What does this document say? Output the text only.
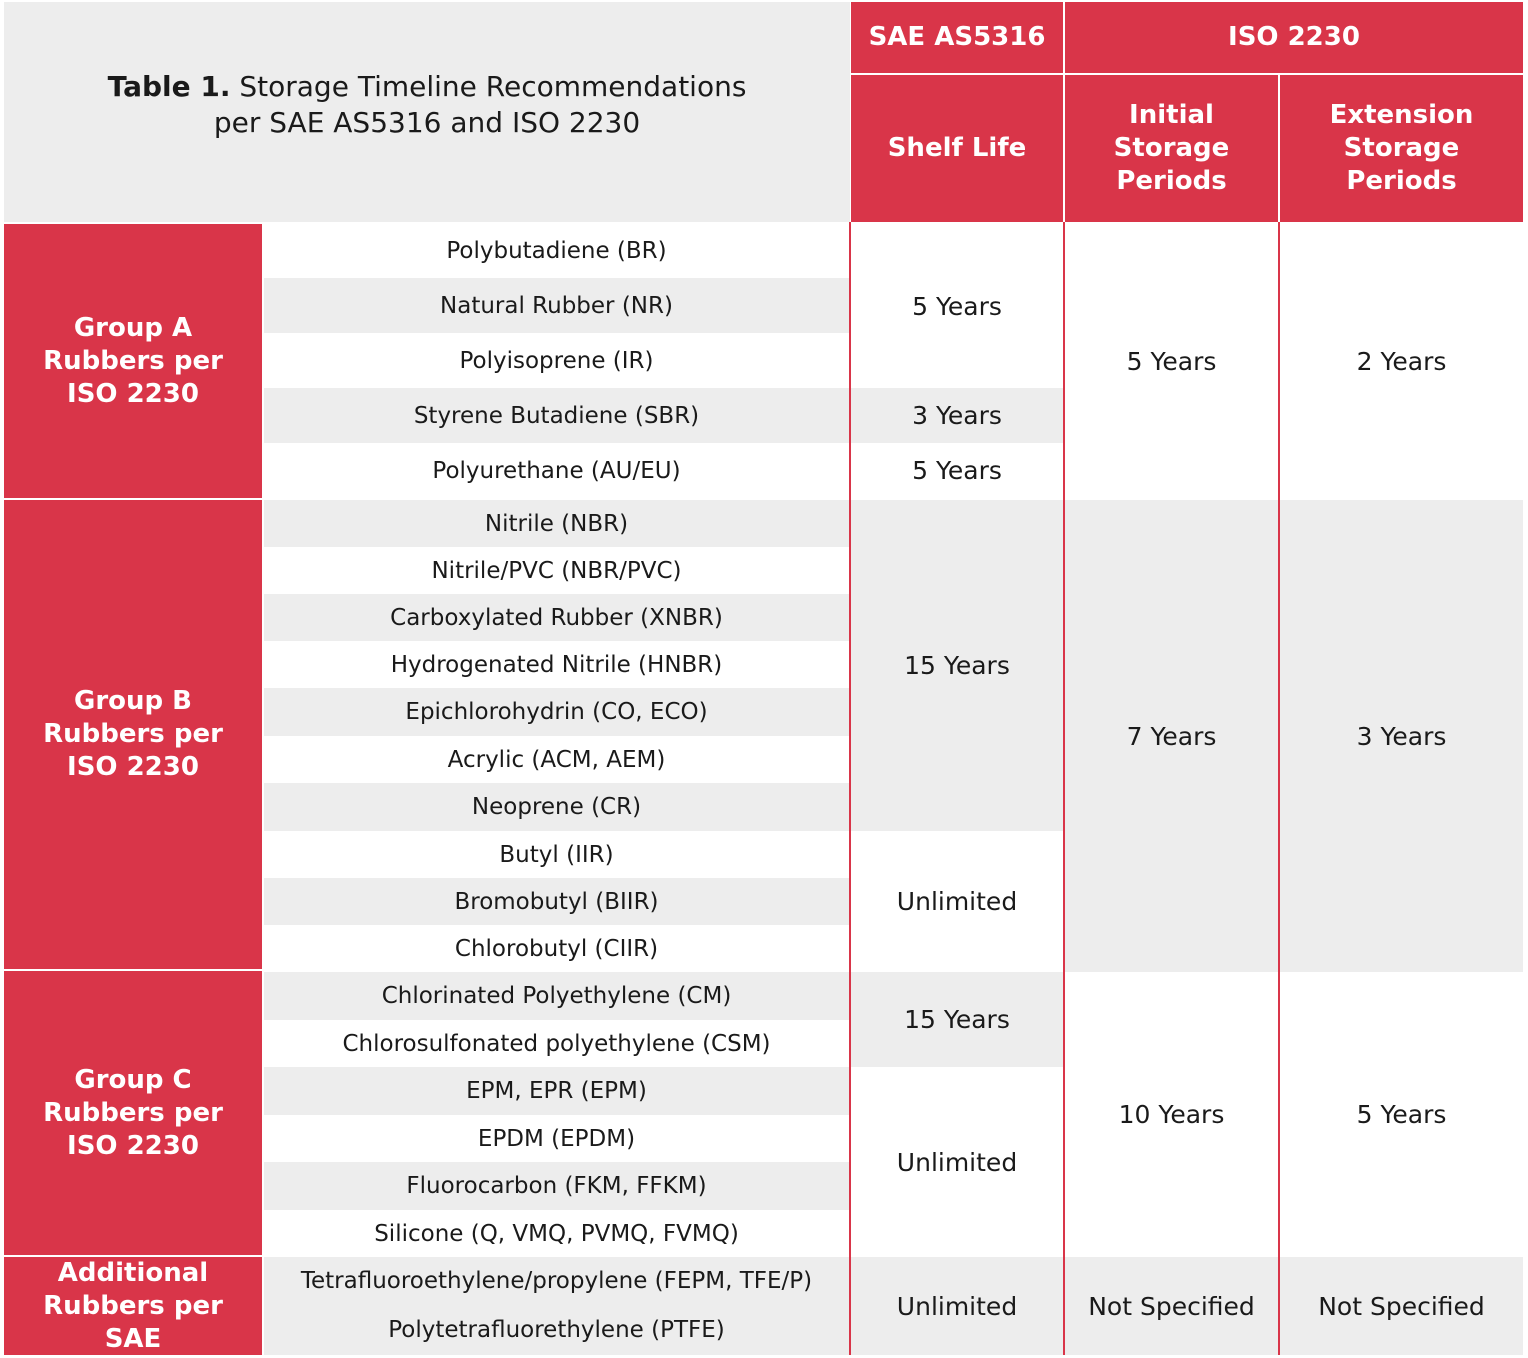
Table 1. Storage Timeline Recommendations
per SAE AS5316 and ISO 2230
SAE AS5316	ISO 2230
Shelf Life
Initial Storage Periods
Extension Storage Periods
Group A Rubbers per ISO 2230
Group B Rubbers per ISO 2230
Group C Rubbers per ISO 2230
Additional Rubbers per SAE
Polybutadiene (BR)
Natural Rubber (NR)
Polyisoprene (IR)
Styrene Butadiene (SBR)
Polyurethane (AU/EU)
Nitrile (NBR)
Nitrile/PVC (NBR/PVC)
Carboxylated Rubber (XNBR)
Hydrogenated Nitrile (HNBR)
Epichlorohydrin (CO, ECO)
Acrylic (ACM, AEM)
Neoprene (CR)
Butyl (IIR)
Bromobutyl (BIIR)
Chlorobutyl (CIIR)
Chlorinated Polyethylene (CM)
Chlorosulfonated polyethylene (CSM)
EPM, EPR (EPM)
EPDM (EPDM)
Fluorocarbon (FKM, FFKM)
Silicone (Q, VMQ, PVMQ, FVMQ)
Tetrafluoroethylene/propylene (FEPM, TFE/P)
Polytetrafluorethylene (PTFE)
5 Years
3 Years
5 Years
15 Years
Unlimited
15 Years
Unlimited
Unlimited
5 Years
7 Years
10 Years
Not Specified
2 Years
3 Years
5 Years
Not Specified
